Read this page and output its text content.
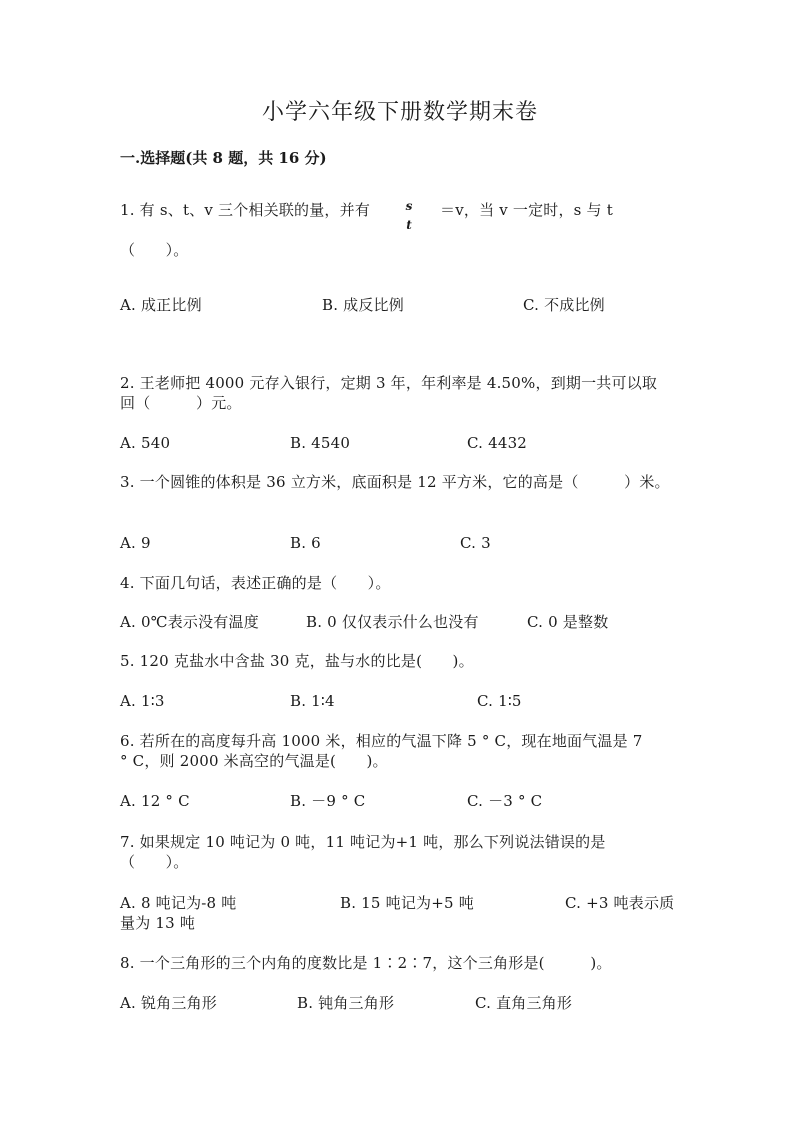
小学六年级下册数学期末卷
一.选择题(共 8 题，共 16 分)
1. 有 s、t、v 三个相关联的量，并有	s
t
＝v，当 v 一定时，s 与 t
（　　）。
A. 成正比例	B. 成反比例	C. 不成比例
2. 王老师把 4000 元存入银行，定期 3 年，年利率是 4.50%，到期一共可以取
回（　　　）元。
A. 540	B. 4540	C. 4432
3. 一个圆锥的体积是 36 立方米，底面积是 12 平方米，它的高是（　　　）米。
A. 9	B. 6	C. 3
4. 下面几句话，表述正确的是（　　）。
A. 0℃表示没有温度	B. 0 仅仅表示什么也没有	C. 0 是整数
5. 120 克盐水中含盐 30 克，盐与水的比是(　　)。
A. 1∶3	B. 1∶4	C. 1∶5
6. 若所在的高度每升高 1000 米，相应的气温下降 5 ° C，现在地面气温是 7
° C，则 2000 米高空的气温是(　　)。
A. 12 ° C	B. －9 ° C	C. －3 ° C
7. 如果规定 10 吨记为 0 吨，11 吨记为+1 吨，那么下列说法错误的是
（　　）。
A. 8 吨记为-8 吨	B. 15 吨记为+5 吨	C. +3 吨表示质
量为 13 吨
8. 一个三角形的三个内角的度数比是 1∶2∶7，这个三角形是(　　　)。
A. 锐角三角形	B. 钝角三角形	C. 直角三角形
